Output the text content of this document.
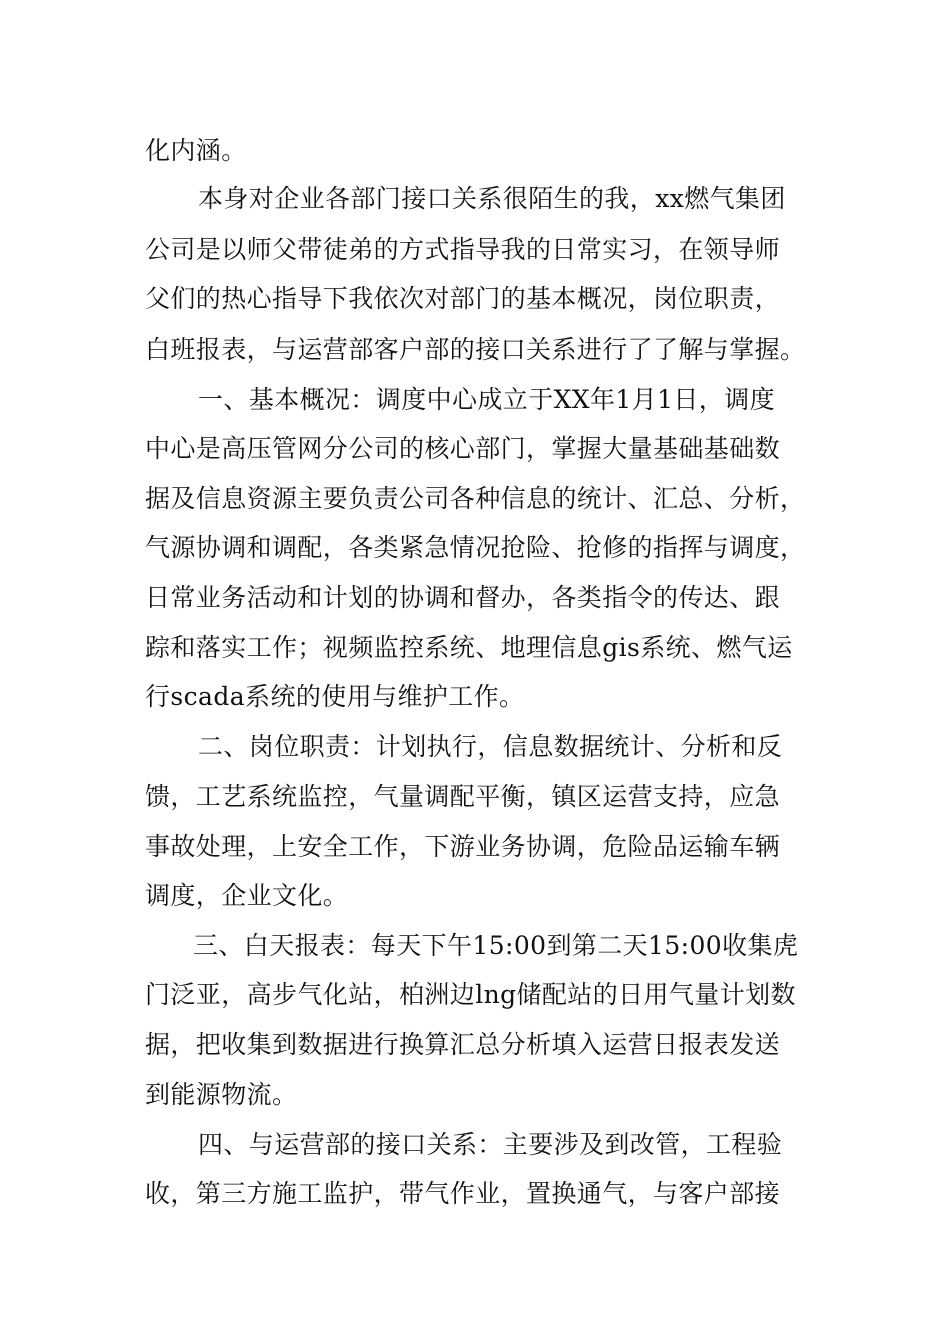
化内涵。
本身对企业各部门接口关系很陌生的我，xx燃气集团
公司是以师父带徒弟的方式指导我的日常实习，在领导师
父们的热心指导下我依次对部门的基本概况，岗位职责，
白班报表，与运营部客户部的接口关系进行了了解与掌握。
一、基本概况：调度中心成立于XX年1月1日，调度
中心是高压管网分公司的核心部门，掌握大量基础基础数
据及信息资源主要负责公司各种信息的统计、汇总、分析，
气源协调和调配，各类紧急情况抢险、抢修的指挥与调度，
日常业务活动和计划的协调和督办，各类指令的传达、跟
踪和落实工作；视频监控系统、地理信息gis系统、燃气运
行scada系统的使用与维护工作。
二、岗位职责：计划执行，信息数据统计、分析和反
馈，工艺系统监控，气量调配平衡，镇区运营支持，应急
事故处理，上安全工作，下游业务协调，危险品运输车辆
调度，企业文化。
三、白天报表：每天下午15:00到第二天15:00收集虎
门泛亚，高步气化站，柏洲边lng储配站的日用气量计划数
据，把收集到数据进行换算汇总分析填入运营日报表发送
到能源物流。
四、与运营部的接口关系：主要涉及到改管，工程验
收，第三方施工监护，带气作业，置换通气，与客户部接
